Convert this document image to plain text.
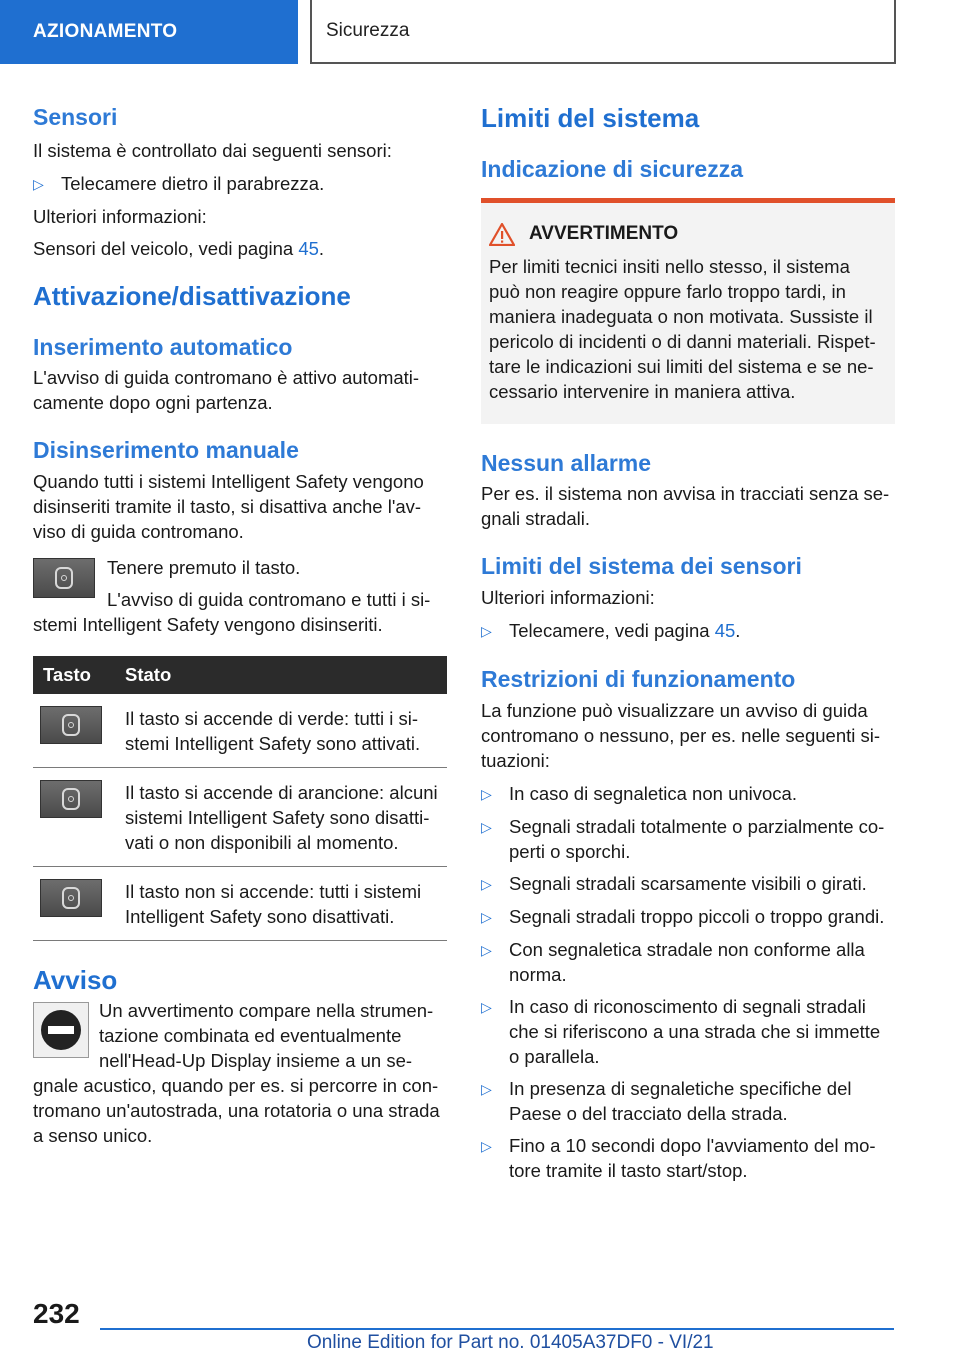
AZIONAMENTO	Sicurezza
Sensori

Il sistema è controllato dai seguenti sensori:

▷ Telecamere dietro il parabrezza.

Ulteriori informazioni:

Sensori del veicolo, vedi pagina 45.

Attivazione/disattivazione
Inserimento automatico

L'avviso di guida contromano è attivo automati-
camente dopo ogni partenza.

Disinserimento manuale

Quando tutti i sistemi Intelligent Safety vengono
disinseriti tramite il tasto, si disattiva anche l'av-
viso di guida contromano.

Tenere premuto il tasto.

L'avviso di guida contromano e tutti i si-

stemi Intelligent Safety vengono disinseriti.

Tasto	Stato

	Il tasto si accende di verde: tutti i si-
stemi Intelligent Safety sono attivati.

	Il tasto si accende di arancione: alcuni
sistemi Intelligent Safety sono disatti-
vati o non disponibili al momento.

	Il tasto non si accende: tutti i sistemi
Intelligent Safety sono disattivati.
Avviso

Un avvertimento compare nella strumen-

tazione combinata ed eventualmente

nell'Head-Up Display insieme a un se-

gnale acustico, quando per es. si percorre in con-

tromano un'autostrada, una rotatoria o una strada

a senso unico.

Limiti del sistema
Indicazione di sicurezza
AVVERTIMENTO

Per limiti tecnici insiti nello stesso, il sistema

può non reagire oppure farlo troppo tardi, in

maniera inadeguata o non motivata. Sussiste il

pericolo di incidenti o di danni materiali. Rispet-

tare le indicazioni sui limiti del sistema e se ne-

cessario intervenire in maniera attiva.

Nessun allarme

Per es. il sistema non avvisa in tracciati senza se-
gnali stradali.

Limiti del sistema dei sensori

Ulteriori informazioni:

▷ Telecamere, vedi pagina 45.
Restrizioni di funzionamento

La funzione può visualizzare un avviso di guida
contromano o nessuno, per es. nelle seguenti si-
tuazioni:

▷ In caso di segnaletica non univoca.
▷ Segnali stradali totalmente o parzialmente co-
perti o sporchi.
▷ Segnali stradali scarsamente visibili o girati.
▷ Segnali stradali troppo piccoli o troppo grandi.
▷ Con segnaletica stradale non conforme alla
norma.
▷ In caso di riconoscimento di segnali stradali
che si riferiscono a una strada che si immette
o parallela.
▷ In presenza di segnaletiche specifiche del
Paese o del tracciato della strada.
▷ Fino a 10 secondi dopo l'avviamento del mo-
tore tramite il tasto start/stop.
232
Online Edition for Part no. 01405A37DF0 - VI/21
